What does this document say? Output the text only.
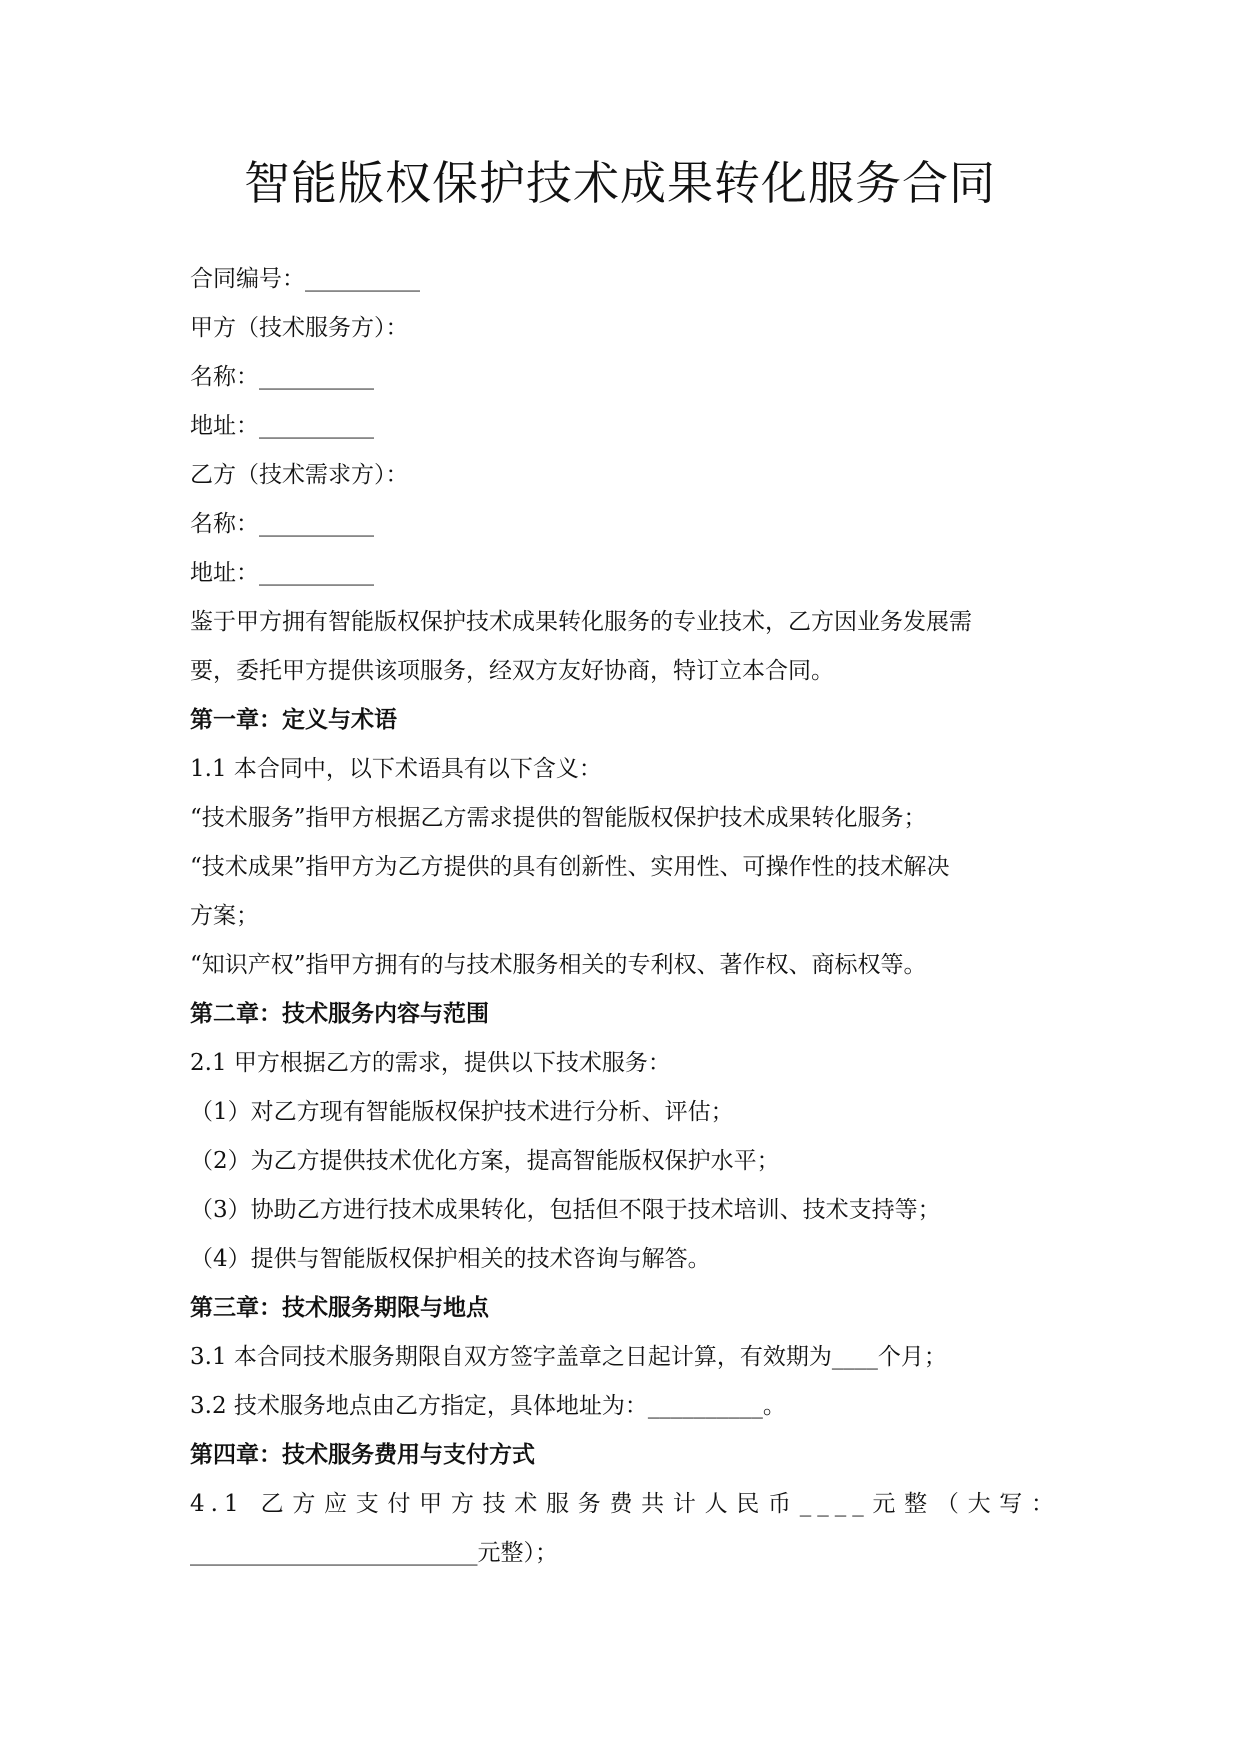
智能版权保护技术成果转化服务合同
合同编号：__________
甲方（技术服务方）：
名称：__________
地址：__________
乙方（技术需求方）：
名称：__________
地址：__________
鉴于甲方拥有智能版权保护技术成果转化服务的专业技术，乙方因业务发展需
要，委托甲方提供该项服务，经双方友好协商，特订立本合同。
第一章：定义与术语
1.1 本合同中，以下术语具有以下含义：
“技术服务”指甲方根据乙方需求提供的智能版权保护技术成果转化服务；
“技术成果”指甲方为乙方提供的具有创新性、实用性、可操作性的技术解决
方案；
“知识产权”指甲方拥有的与技术服务相关的专利权、著作权、商标权等。
第二章：技术服务内容与范围
2.1 甲方根据乙方的需求，提供以下技术服务：
（1）对乙方现有智能版权保护技术进行分析、评估；
（2）为乙方提供技术优化方案，提高智能版权保护水平；
（3）协助乙方进行技术成果转化，包括但不限于技术培训、技术支持等；
（4）提供与智能版权保护相关的技术咨询与解答。
第三章：技术服务期限与地点
3.1 本合同技术服务期限自双方签字盖章之日起计算，有效期为____个月；
3.2 技术服务地点由乙方指定，具体地址为：__________。
第四章：技术服务费用与支付方式
4.1 乙方应支付甲方技术服务费共计人民币____元整（大写：
_________________________元整）；
